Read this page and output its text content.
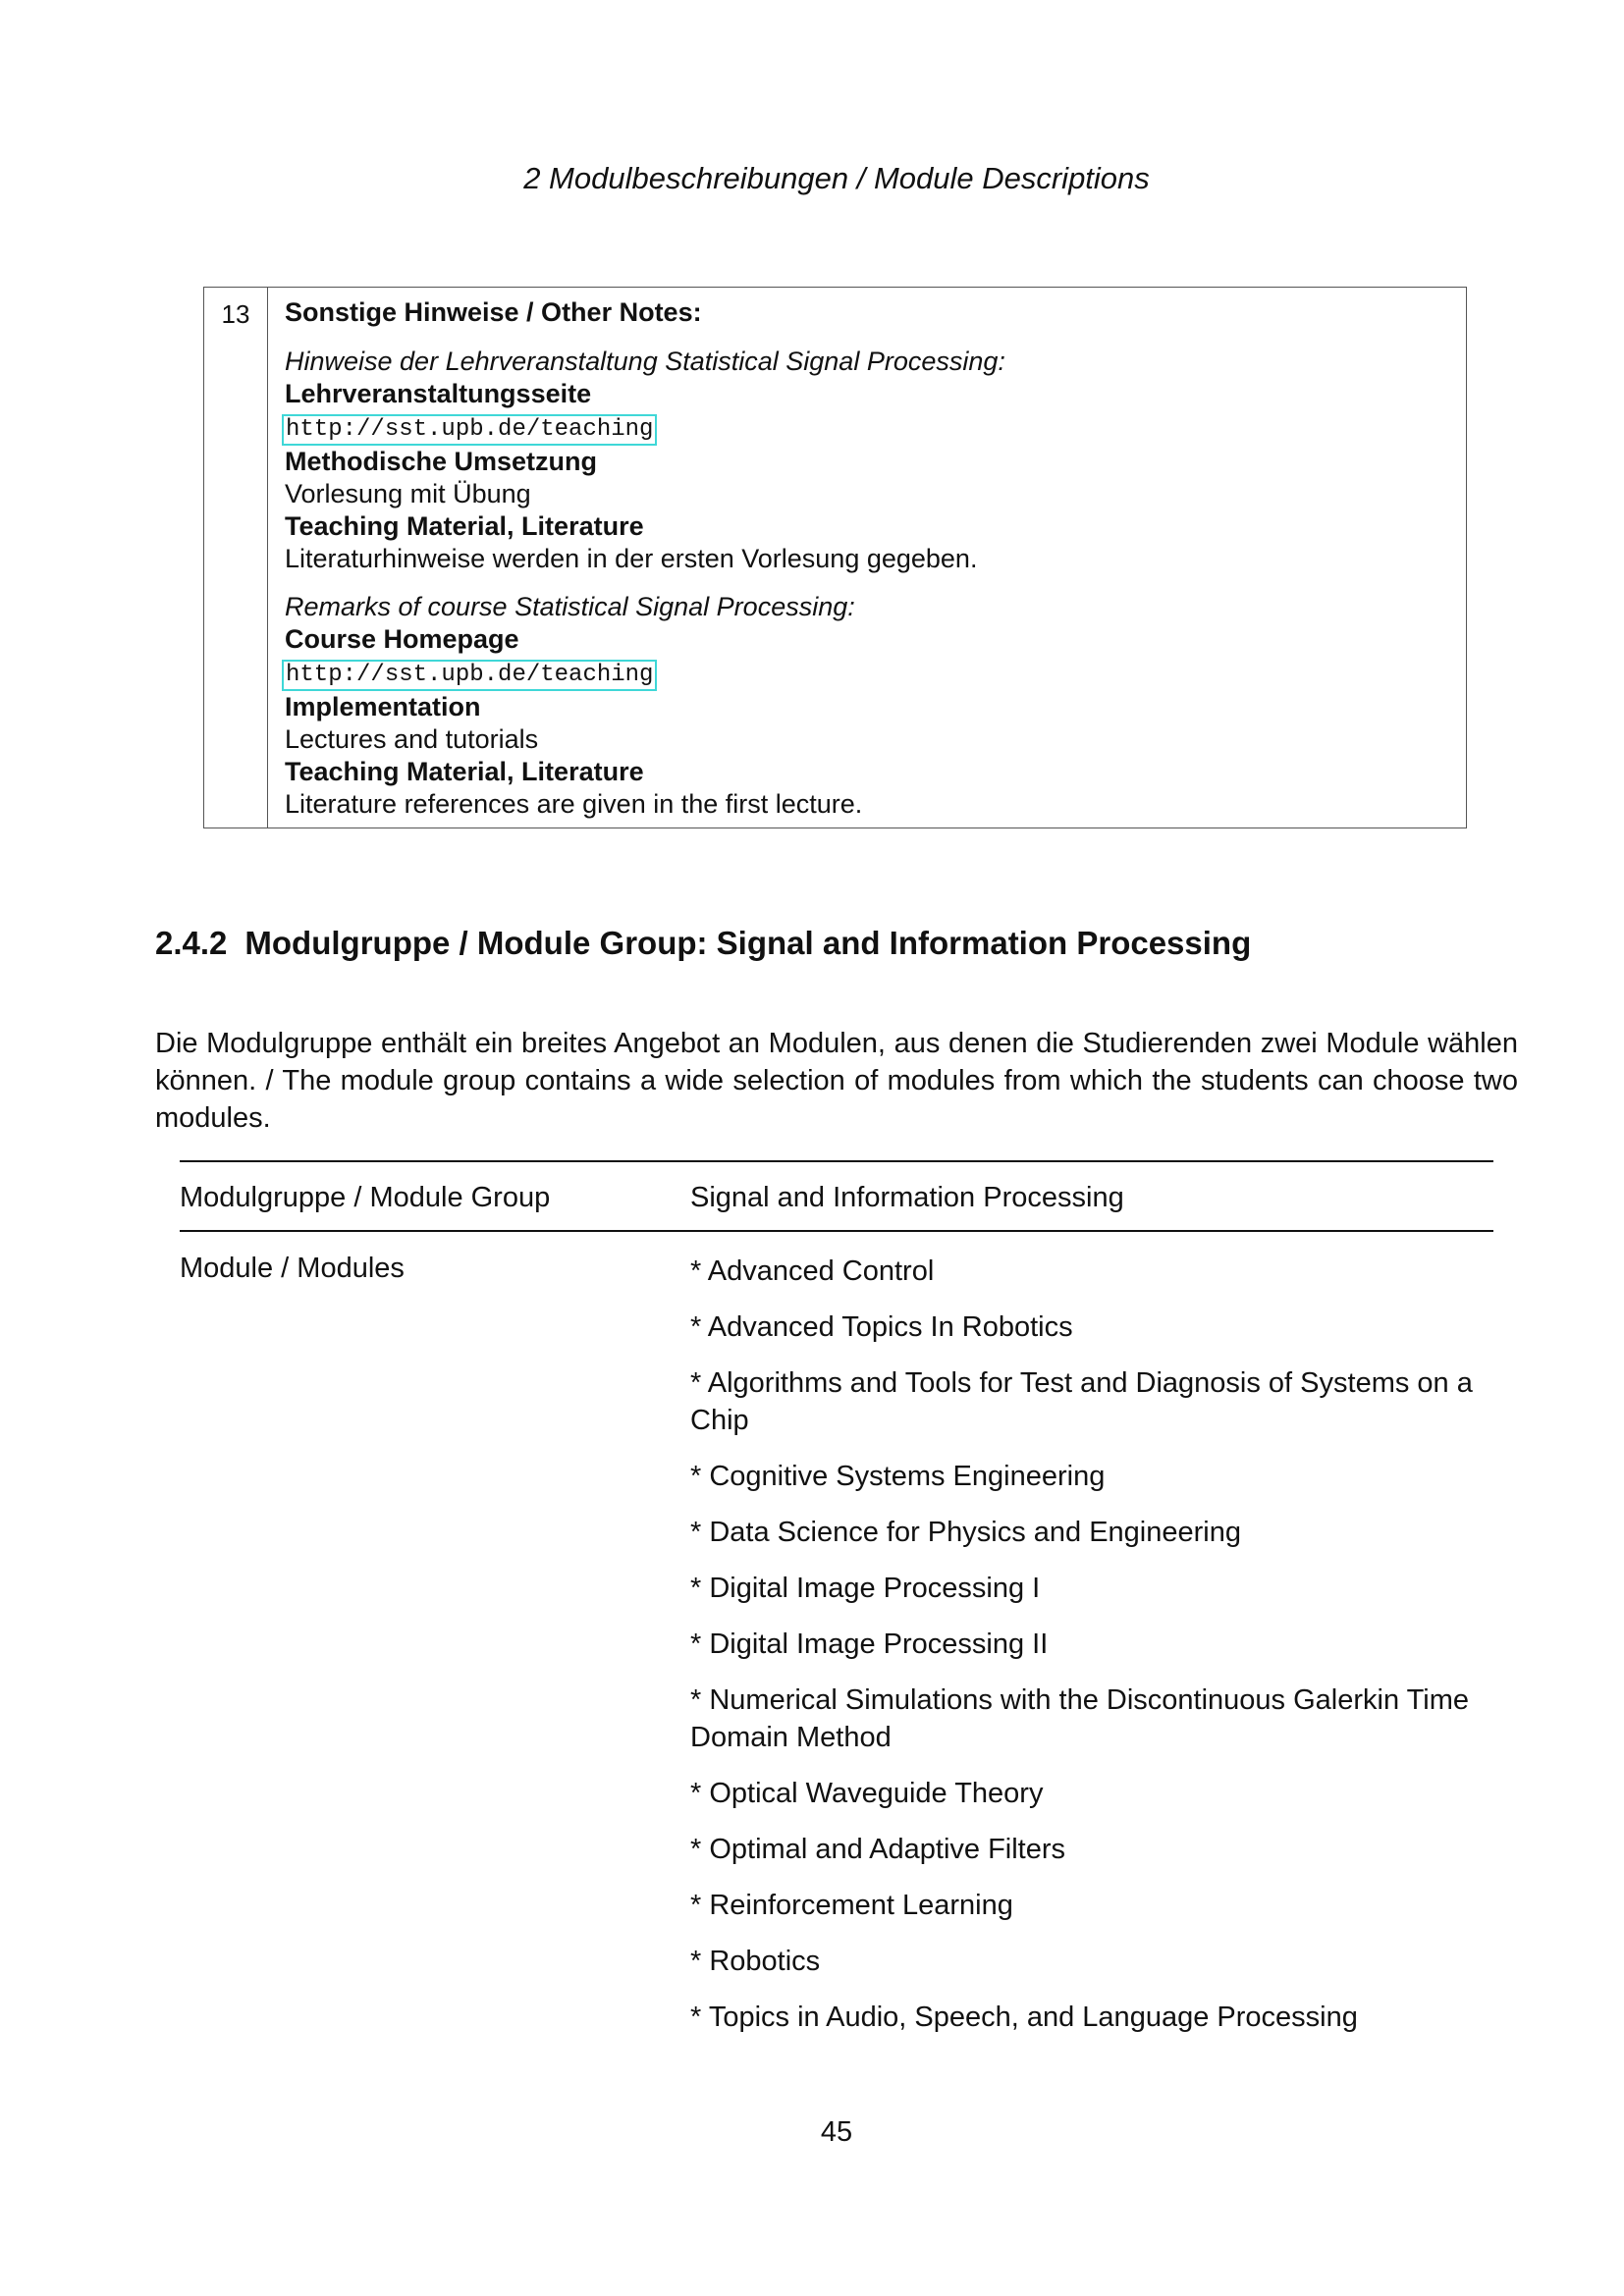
2 Modulbeschreibungen / Module Descriptions
13	Sonstige Hinweise / Other Notes:
Hinweise der Lehrveranstaltung Statistical Signal Processing:
Lehrveranstaltungsseite
http://sst.upb.de/teaching
Methodische Umsetzung
Vorlesung mit Übung
Teaching Material, Literature
Literaturhinweise werden in der ersten Vorlesung gegeben.
Remarks of course Statistical Signal Processing:
Course Homepage
http://sst.upb.de/teaching
Implementation
Lectures and tutorials
Teaching Material, Literature
Literature references are given in the first lecture.
2.4.2 Modulgruppe / Module Group: Signal and Information Processing
Die Modulgruppe enthält ein breites Angebot an Modulen, aus denen die Studierenden zwei Module wählen können. / The module group contains a wide selection of modules from which the students can choose two modules.
Modulgruppe / Module Group	Signal and Information Processing
Module / Modules	* Advanced Control
* Advanced Topics In Robotics
* Algorithms and Tools for Test and Diagnosis of Systems on a Chip
* Cognitive Systems Engineering
* Data Science for Physics and Engineering
* Digital Image Processing I
* Digital Image Processing II
* Numerical Simulations with the Discontinuous Galerkin Time Domain Method
* Optical Waveguide Theory
* Optimal and Adaptive Filters
* Reinforcement Learning
* Robotics
* Topics in Audio, Speech, and Language Processing
45
